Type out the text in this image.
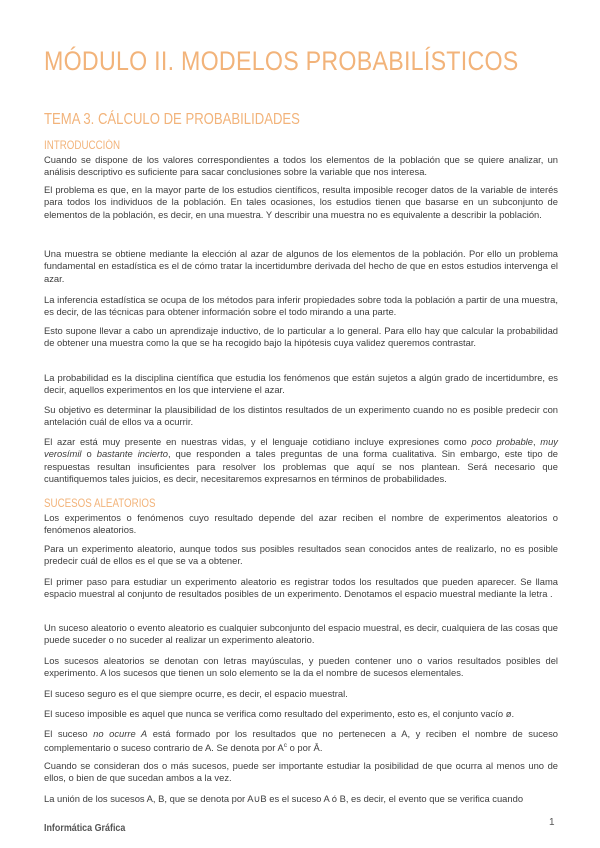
MÓDULO II. MODELOS PROBABILÍSTICOS
TEMA 3. CÁLCULO DE PROBABILIDADES
INTRODUCCIÓN
Cuando se dispone de los valores correspondientes a todos los elementos de la población que se quiere analizar, un análisis descriptivo es suficiente para sacar conclusiones sobre la variable que nos interesa.
El problema es que, en la mayor parte de los estudios científicos, resulta imposible recoger datos de la variable de interés para todos los individuos de la población. En tales ocasiones, los estudios tienen que basarse en un subconjunto de elementos de la población, es decir, en una muestra. Y describir una muestra no es equivalente a describir la población.
Una muestra se obtiene mediante la elección al azar de algunos de los elementos de la población. Por ello un problema fundamental en estadística es el de cómo tratar la incertidumbre derivada del hecho de que en estos estudios intervenga el azar.
La inferencia estadística se ocupa de los métodos para inferir propiedades sobre toda la población a partir de una muestra, es decir, de las técnicas para obtener información sobre el todo mirando a una parte.
Esto supone llevar a cabo un aprendizaje inductivo, de lo particular a lo general. Para ello hay que calcular la probabilidad de obtener una muestra como la que se ha recogido bajo la hipótesis cuya validez queremos contrastar.
La probabilidad es la disciplina científica que estudia los fenómenos que están sujetos a algún grado de incertidumbre, es decir, aquellos experimentos en los que interviene el azar.
Su objetivo es determinar la plausibilidad de los distintos resultados de un experimento cuando no es posible predecir con antelación cuál de ellos va a ocurrir.
El azar está muy presente en nuestras vidas, y el lenguaje cotidiano incluye expresiones como poco probable, muy verosímil o bastante incierto, que responden a tales preguntas de una forma cualitativa. Sin embargo, este tipo de respuestas resultan insuficientes para resolver los problemas que aquí se nos plantean. Será necesario que cuantifiquemos tales juicios, es decir, necesitaremos expresarnos en términos de probabilidades.
SUCESOS ALEATORIOS
Los experimentos o fenómenos cuyo resultado depende del azar reciben el nombre de experimentos aleatorios o fenómenos aleatorios.
Para un experimento aleatorio, aunque todos sus posibles resultados sean conocidos antes de realizarlo, no es posible predecir cuál de ellos es el que se va a obtener.
El primer paso para estudiar un experimento aleatorio es registrar todos los resultados que pueden aparecer. Se llama espacio muestral al conjunto de resultados posibles de un experimento. Denotamos el espacio muestral mediante la letra .
Un suceso aleatorio o evento aleatorio es cualquier subconjunto del espacio muestral, es decir, cualquiera de las cosas que puede suceder o no suceder al realizar un experimento aleatorio.
Los sucesos aleatorios se denotan con letras mayúsculas, y pueden contener uno o varios resultados posibles del experimento. A los sucesos que tienen un solo elemento se la da el nombre de sucesos elementales.
El suceso seguro es el que siempre ocurre, es decir, el espacio muestral.
El suceso imposible es aquel que nunca se verifica como resultado del experimento, esto es, el conjunto vacío ø.
El suceso no ocurre A está formado por los resultados que no pertenecen a A, y reciben el nombre de suceso complementario o suceso contrario de A. Se denota por $A^c$ o por Ā.
Cuando se consideran dos o más sucesos, puede ser importante estudiar la posibilidad de que ocurra al menos uno de ellos, o bien de que sucedan ambos a la vez.
La unión de los sucesos A, B, que se denota por A∪B es el suceso A ó B, es decir, el evento que se verifica cuando
Informática Gráfica	1
